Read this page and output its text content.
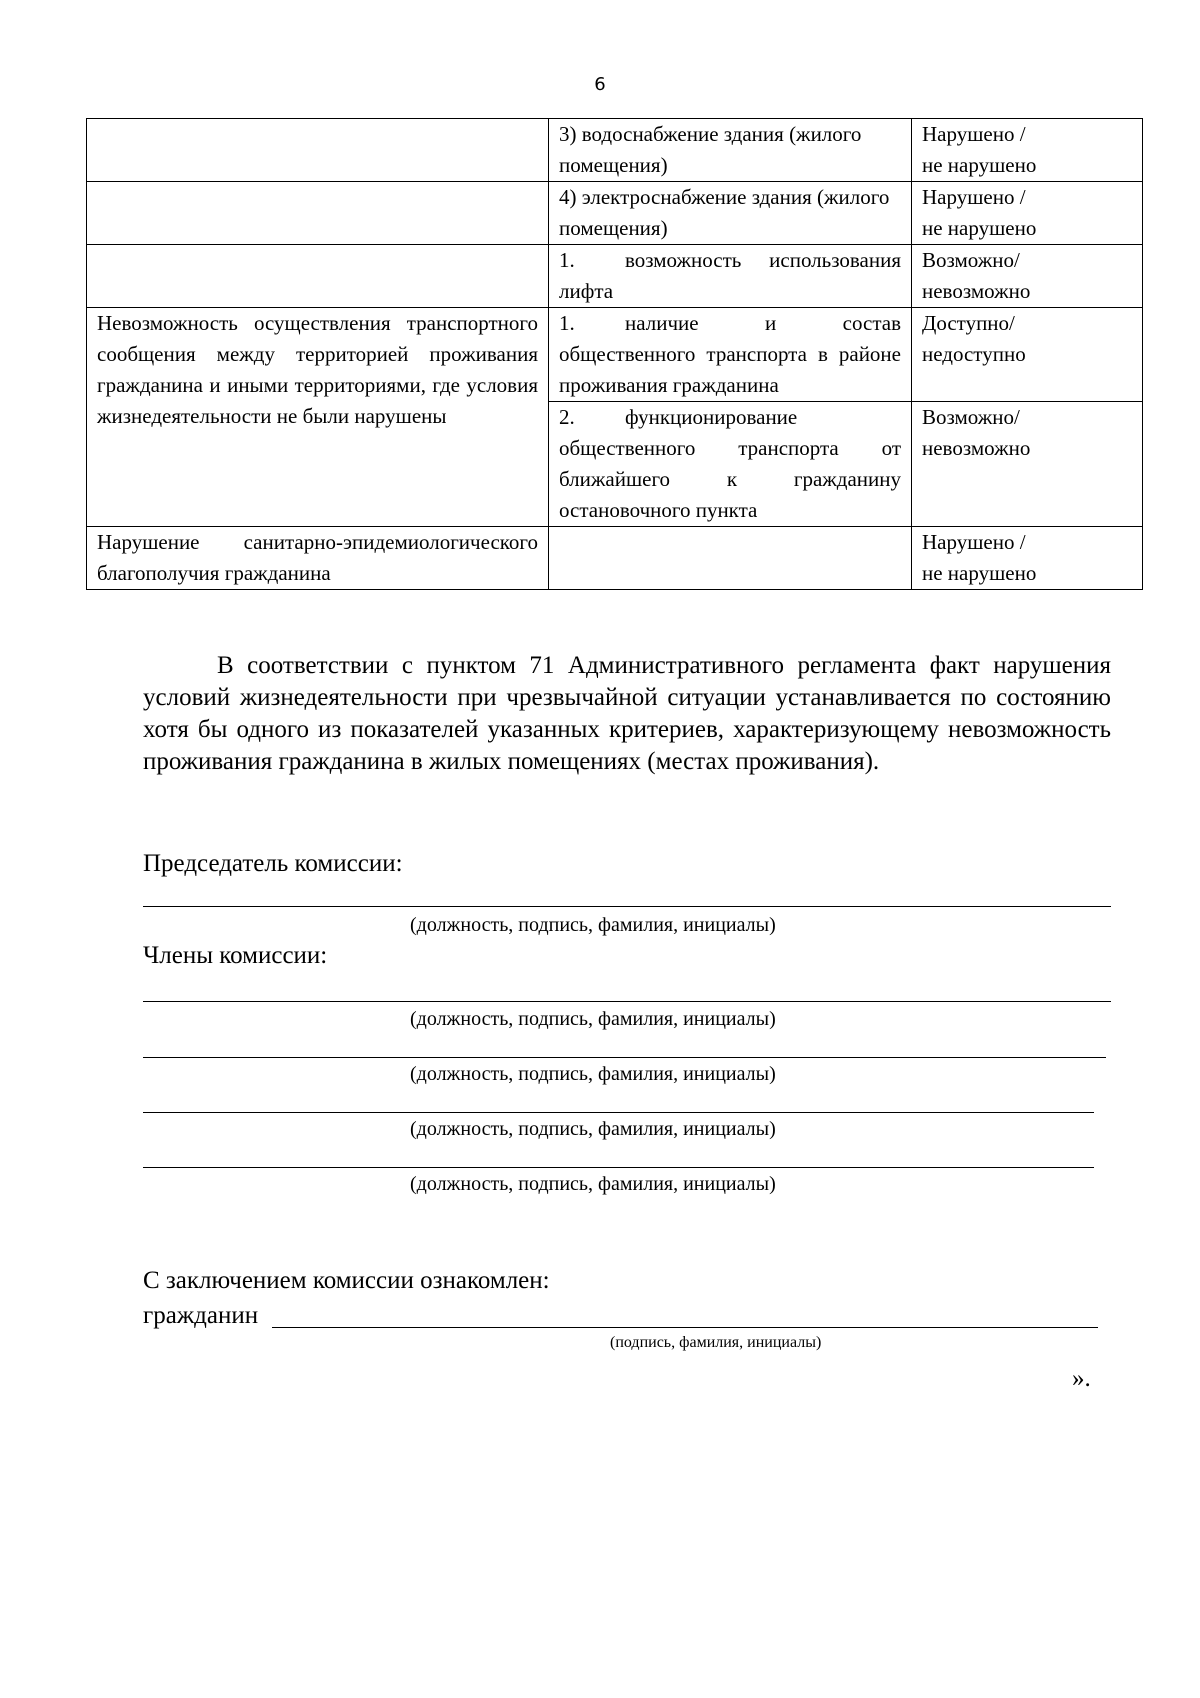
6
	3) водоснабжение здания (жилого помещения)	Нарушено /
не нарушено

	4) электроснабжение здания (жилого помещения)	Нарушено /
не нарушено

	1. возможность использования лифта	Возможно/
невозможно

Невозможность осуществления транспортного сообщения между территорией проживания гражданина и иными территориями, где условия жизнедеятельности не были нарушены	1. наличие и состав общественного транспорта в районе проживания гражданина	Доступно/
недоступно

	2. функционирование общественного транспорта от ближайшего к гражданину остановочного пункта	Возможно/
невозможно

Нарушение санитарно-эпидемиологического благополучия гражданина		Нарушено /
не нарушено
В соответствии с пунктом 71 Административного регламента факт нарушения условий жизнедеятельности при чрезвычайной ситуации устанавливается по состоянию хотя бы одного из показателей указанных критериев, характеризующему невозможность проживания гражданина в жилых помещениях (местах проживания).
Председатель комиссии:
(должность, подпись, фамилия, инициалы)
Члены комиссии:
(должность, подпись, фамилия, инициалы)
(должность, подпись, фамилия, инициалы)
(должность, подпись, фамилия, инициалы)
(должность, подпись, фамилия, инициалы)
С заключением комиссии ознакомлен:
гражданин
(подпись, фамилия, инициалы)
».
